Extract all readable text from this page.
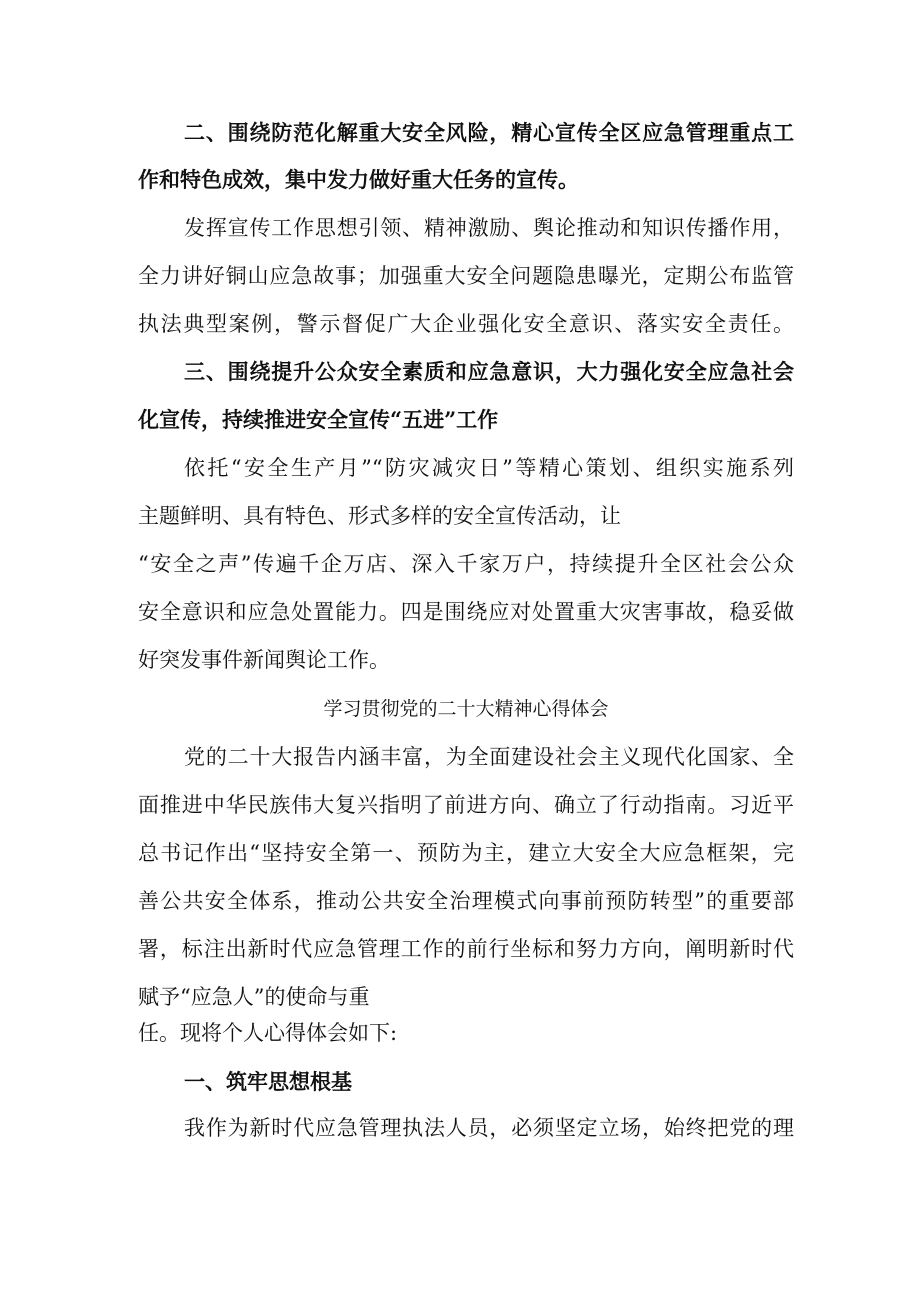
二、围绕防范化解重大安全风险，精心宣传全区应急管理重点工
作和特色成效，集中发力做好重大任务的宣传。
发挥宣传工作思想引领、精神激励、舆论推动和知识传播作用，
全力讲好铜山应急故事；加强重大安全问题隐患曝光，定期公布监管
执法典型案例，警示督促广大企业强化安全意识、落实安全责任。
三、围绕提升公众安全素质和应急意识，大力强化安全应急社会
化宣传，持续推进安全宣传“五进”工作
依托“安全生产月”“防灾减灾日”等精心策划、组织实施系列
主题鲜明、具有特色、形式多样的安全宣传活动，让
“安全之声”传遍千企万店、深入千家万户，持续提升全区社会公众
安全意识和应急处置能力。四是围绕应对处置重大灾害事故，稳妥做
好突发事件新闻舆论工作。
学习贯彻党的二十大精神心得体会
党的二十大报告内涵丰富，为全面建设社会主义现代化国家、全
面推进中华民族伟大复兴指明了前进方向、确立了行动指南。习近平
总书记作出“坚持安全第一、预防为主，建立大安全大应急框架，完
善公共安全体系，推动公共安全治理模式向事前预防转型”的重要部
署，标注出新时代应急管理工作的前行坐标和努力方向，阐明新时代
赋予“应急人”的使命与重
任。现将个人心得体会如下:
一、筑牢思想根基
我作为新时代应急管理执法人员，必须坚定立场，始终把党的理
